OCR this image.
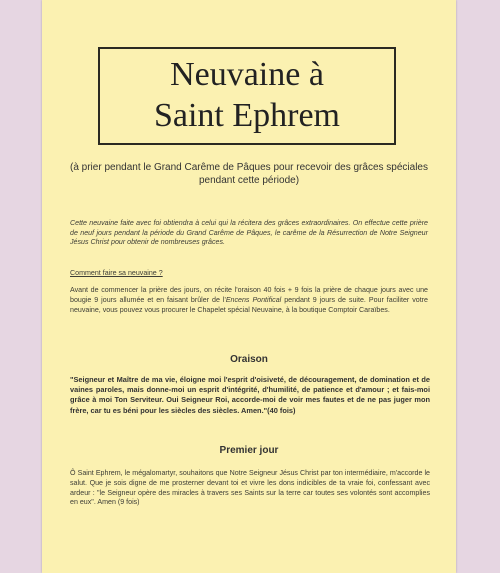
Neuvaine à
Saint Ephrem
(à prier pendant le Grand Carême de Pâques pour recevoir des grâces spéciales pendant cette période)
Cette neuvaine faite avec foi obtiendra à celui qui la récitera des grâces extraordinaires. On effectue cette prière de neuf jours pendant la période du Grand Carême de Pâques, le carême de la Résurrection de Notre Seigneur Jésus Christ pour obtenir de nombreuses grâces.
Comment faire sa neuvaine ?
Avant de commencer la prière des jours, on récite l'oraison 40 fois + 9 fois la prière de chaque jours avec une bougie 9 jours allumée et en faisant brûler de l'Encens Pontifical pendant 9 jours de suite. Pour faciliter votre neuvaine, vous pouvez vous procurer le Chapelet spécial Neuvaine, à la boutique Comptoir Caraïbes.
Oraison
"Seigneur et Maître de ma vie, éloigne moi l'esprit d'oisiveté, de découragement, de domination et de vaines paroles, mais donne-moi un esprit d'intégrité, d'humilité, de patience et d'amour ; et fais-moi grâce à moi Ton Serviteur. Oui Seigneur Roi, accorde-moi de voir mes fautes et de ne pas juger mon frère, car tu es béni pour les siècles des siècles. Amen."(40 fois)
Premier jour
Ô Saint Ephrem, le mégalomartyr, souhaitons que Notre Seigneur Jésus Christ par ton intermédiaire, m'accorde le salut. Que je sois digne de me prosterner devant toi et vivre les dons indicibles de ta vraie foi, confessant avec ardeur : "le Seigneur opère des miracles à travers ses Saints sur la terre car toutes ses volontés sont accomplies en eux". Amen (9 fois)
